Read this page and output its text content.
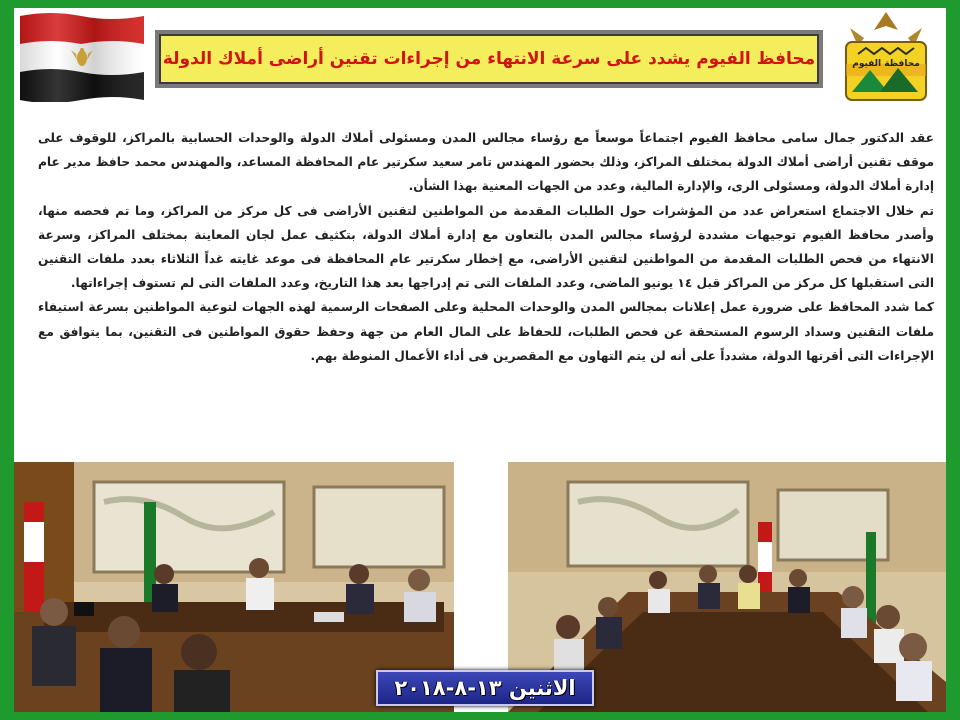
محافظ الفيوم يشدد على سرعة الانتهاء من إجراءات تقنين أراضى أملاك الدولة	محافظة الفيوم

عقد الدكتور جمال سامى محافظ الفيوم اجتماعاً موسعاً مع رؤساء مجالس المدن ومسئولى أملاك الدولة والوحدات الحسابية بالمراكز، للوقوف على موقف تقنين أراضى أملاك الدولة بمختلف المراكز، وذلك بحضور المهندس تامر سعيد سكرتير عام المحافظة المساعد، والمهندس محمد حافظ مدير عام إدارة أملاك الدولة، ومسئولى الرى، والإدارة المالية، وعدد من الجهات المعنية بهذا الشأن.

تم خلال الاجتماع استعراض عدد من المؤشرات حول الطلبات المقدمة من المواطنين لتقنين الأراضى فى كل مركز من المراكز، وما تم فحصه منها، وأصدر محافظ الفيوم توجيهات مشددة لرؤساء مجالس المدن بالتعاون مع إدارة أملاك الدولة، بتكثيف عمل لجان المعاينة بمختلف المراكز، وسرعة الانتهاء من فحص الطلبات المقدمة من المواطنين لتقنين الأراضى، مع إخطار سكرتير عام المحافظة فى موعد غايته غداً الثلاثاء بعدد ملفات التقنين التى استقبلها كل مركز من المراكز قبل ١٤ يونيو الماضى، وعدد الملفات التى تم إدراجها بعد هذا التاريخ، وعدد الملفات التى لم تستوف إجراءاتها.

كما شدد المحافظ على ضرورة عمل إعلانات بمجالس المدن والوحدات المحلية وعلى الصفحات الرسمية لهذه الجهات لتوعية المواطنين بسرعة استيفاء ملفات التقنين وسداد الرسوم المستحقة عن فحص الطلبات، للحفاظ على المال العام من جهة وحفظ حقوق المواطنين فى التقنين، بما يتوافق مع الإجراءات التى أقرتها الدولة، مشدداً على أنه لن يتم التهاون مع المقصرين فى أداء الأعمال المنوطة بهم.

الاثنين ١٣-٨-٢٠١٨
